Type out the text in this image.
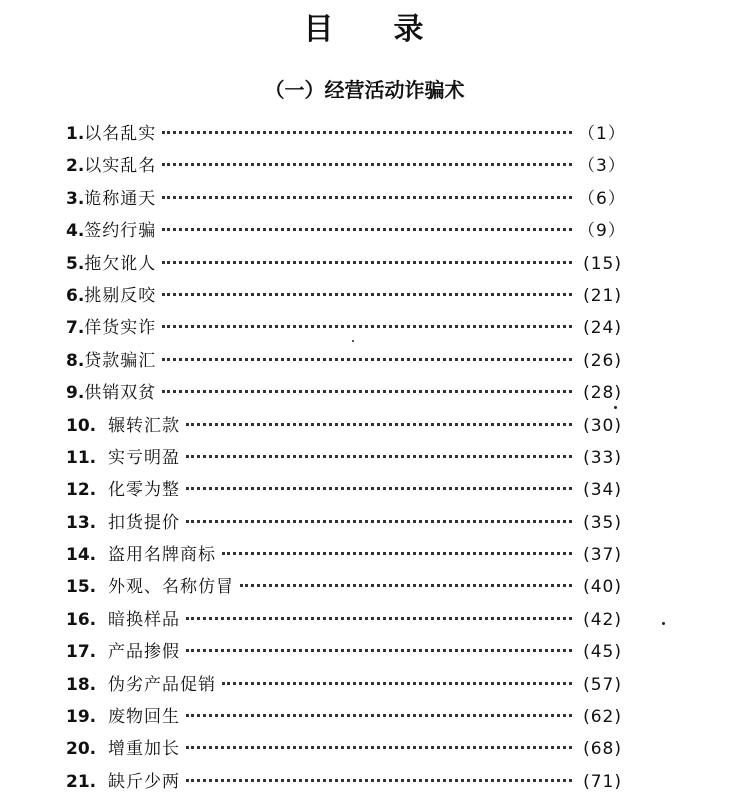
目 录
（一）经营活动诈骗术
1. 以名乱实	（1）
2. 以实乱名	（3）
3. 诡称通天	（6）
4. 签约行骗	（9）
5. 拖欠讹人	(15)
6. 挑剔反咬	(21)
7. 佯货实诈	(24)
8. 贷款骗汇	(26)
9. 供销双贫	(28)
10. 辗转汇款	(30)
11. 实亏明盈	(33)
12. 化零为整	(34)
13. 扣货提价	(35)
14. 盗用名牌商标	(37)
15. 外观、名称仿冒	(40)
16. 暗换样品	(42)
17. 产品掺假	(45)
18. 伪劣产品促销	(57)
19. 废物回生	(62)
20. 增重加长	(68)
21. 缺斤少两	(71)
